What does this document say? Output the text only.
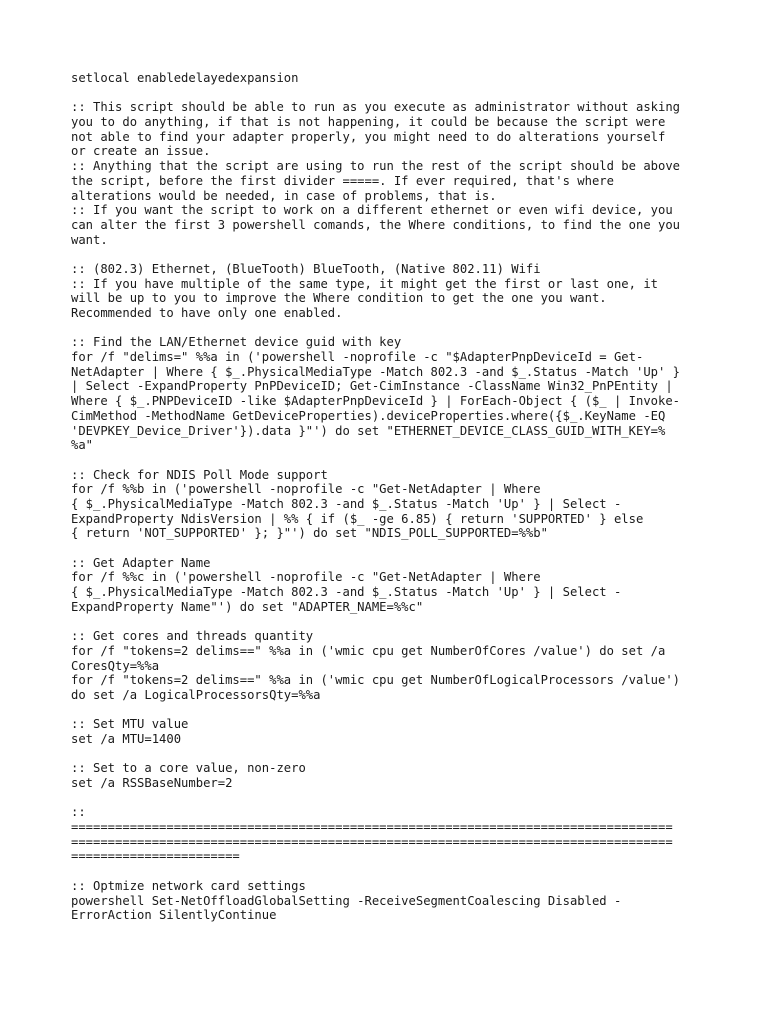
setlocal enabledelayedexpansion
:: This script should be able to run as you execute as administrator without asking
you to do anything, if that is not happening, it could be because the script were
not able to find your adapter properly, you might need to do alterations yourself
or create an issue.
:: Anything that the script are using to run the rest of the script should be above
the script, before the first divider =====. If ever required, that's where
alterations would be needed, in case of problems, that is.
:: If you want the script to work on a different ethernet or even wifi device, you
can alter the first 3 powershell comands, the Where conditions, to find the one you
want.
:: (802.3) Ethernet, (BlueTooth) BlueTooth, (Native 802.11) Wifi
:: If you have multiple of the same type, it might get the first or last one, it
will be up to you to improve the Where condition to get the one you want.
Recommended to have only one enabled.
:: Find the LAN/Ethernet device guid with key
for /f "delims=" %%a in ('powershell -noprofile -c "$AdapterPnpDeviceId = Get-
NetAdapter | Where { $_.PhysicalMediaType -Match 802.3 -and $_.Status -Match 'Up' }
| Select -ExpandProperty PnPDeviceID; Get-CimInstance -ClassName Win32_PnPEntity |
Where { $_.PNPDeviceID -like $AdapterPnpDeviceId } | ForEach-Object { ($_ | Invoke-
CimMethod -MethodName GetDeviceProperties).deviceProperties.where({$_.KeyName -EQ
'DEVPKEY_Device_Driver'}).data }"') do set "ETHERNET_DEVICE_CLASS_GUID_WITH_KEY=%
%a"
:: Check for NDIS Poll Mode support
for /f %%b in ('powershell -noprofile -c "Get-NetAdapter | Where
{ $_.PhysicalMediaType -Match 802.3 -and $_.Status -Match 'Up' } | Select -
ExpandProperty NdisVersion | %% { if ($_ -ge 6.85) { return 'SUPPORTED' } else
{ return 'NOT_SUPPORTED' }; }"') do set "NDIS_POLL_SUPPORTED=%%b"
:: Get Adapter Name
for /f %%c in ('powershell -noprofile -c "Get-NetAdapter | Where
{ $_.PhysicalMediaType -Match 802.3 -and $_.Status -Match 'Up' } | Select -
ExpandProperty Name"') do set "ADAPTER_NAME=%%c"
:: Get cores and threads quantity
for /f "tokens=2 delims==" %%a in ('wmic cpu get NumberOfCores /value') do set /a
CoresQty=%%a
for /f "tokens=2 delims==" %%a in ('wmic cpu get NumberOfLogicalProcessors /value')
do set /a LogicalProcessorsQty=%%a
:: Set MTU value
set /a MTU=1400
:: Set to a core value, non-zero
set /a RSSBaseNumber=2
::
==================================================================================
==================================================================================
=======================
:: Optmize network card settings
powershell Set-NetOffloadGlobalSetting -ReceiveSegmentCoalescing Disabled -
ErrorAction SilentlyContinue
